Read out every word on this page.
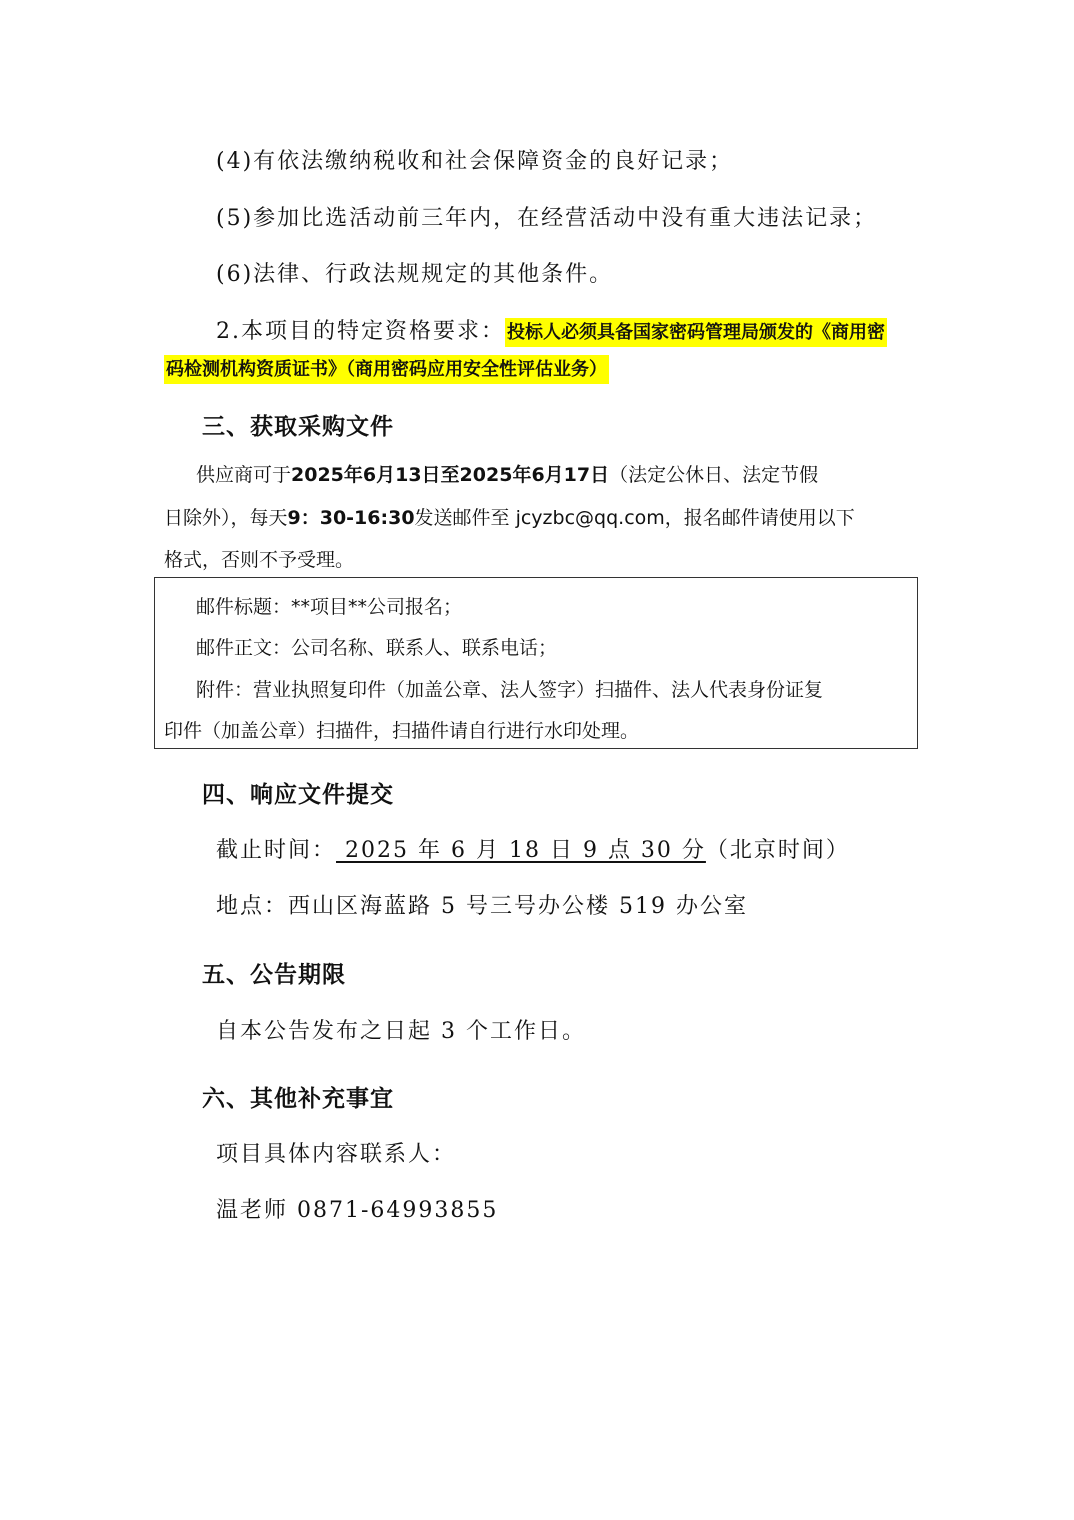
(4)有依法缴纳税收和社会保障资金的良好记录；
(5)参加比选活动前三年内，在经营活动中没有重大违法记录；
(6)法律、行政法规规定的其他条件。
2.本项目的特定资格要求： 投标人必须具备国家密码管理局颁发的《商用密
码检测机构资质证书》（商用密码应用安全性评估业务）
三、获取采购文件
供应商可于2025年6月13日至2025年6月17日（法定公休日、法定节假
日除外），每天9：30-16:30发送邮件至 jcyzbc@qq.com，报名邮件请使用以下
格式，否则不予受理。
邮件标题：**项目**公司报名；
邮件正文：公司名称、联系人、联系电话；
附件：营业执照复印件（加盖公章、法人签字）扫描件、法人代表身份证复
印件（加盖公章）扫描件，扫描件请自行进行水印处理。
四、响应文件提交
截止时间： 2025 年 6 月 18 日 9 点 30 分（北京时间）
地点：西山区海蓝路 5 号三号办公楼 519 办公室
五、公告期限
自本公告发布之日起 3 个工作日。
六、其他补充事宜
项目具体内容联系人：
温老师 0871-64993855
